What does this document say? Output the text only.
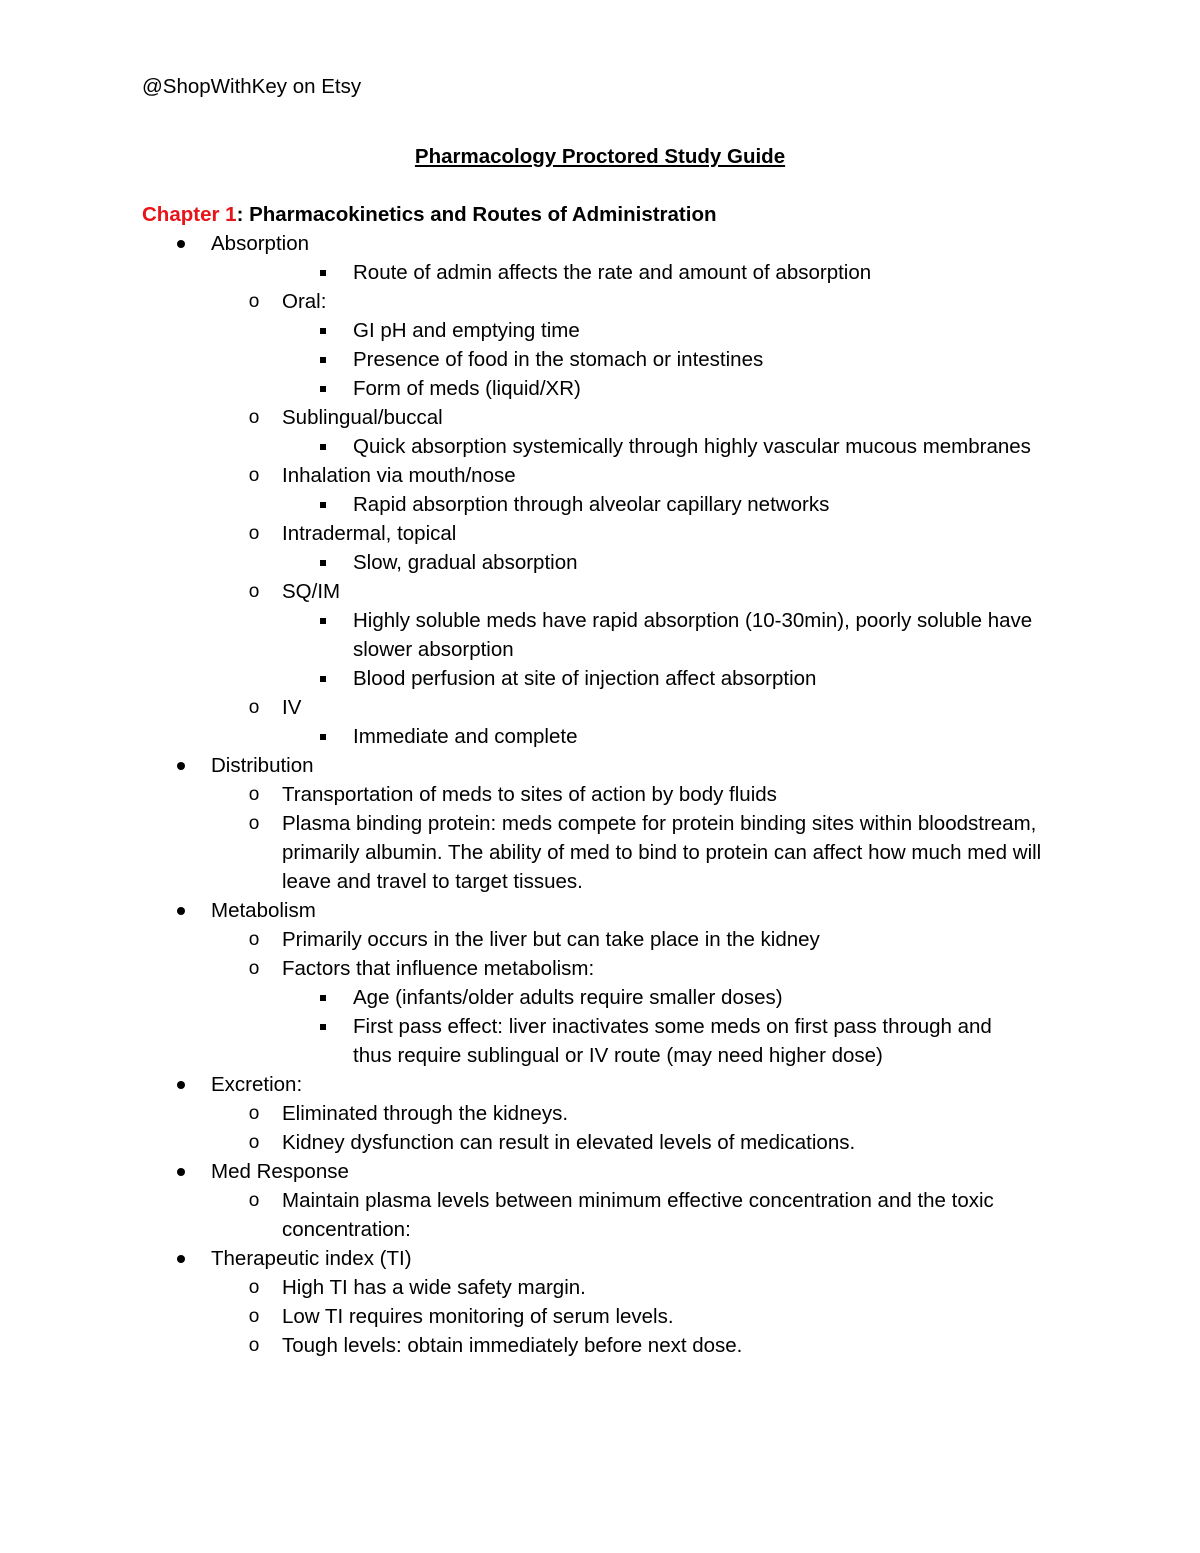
@ShopWithKey on Etsy
Pharmacology Proctored Study Guide
Chapter 1: Pharmacokinetics and Routes of Administration
Absorption
Route of admin affects the rate and amount of absorption
o Oral:
GI pH and emptying time
Presence of food in the stomach or intestines
Form of meds (liquid/XR)
o Sublingual/buccal
Quick absorption systemically through highly vascular mucous membranes
o Inhalation via mouth/nose
Rapid absorption through alveolar capillary networks
o Intradermal, topical
Slow, gradual absorption
o SQ/IM
Highly soluble meds have rapid absorption (10-30min), poorly soluble have slower absorption
Blood perfusion at site of injection affect absorption
o IV
Immediate and complete
Distribution
o Transportation of meds to sites of action by body fluids
o Plasma binding protein: meds compete for protein binding sites within bloodstream, primarily albumin. The ability of med to bind to protein can affect how much med will leave and travel to target tissues.
Metabolism
o Primarily occurs in the liver but can take place in the kidney
o Factors that influence metabolism:
Age (infants/older adults require smaller doses)
First pass effect: liver inactivates some meds on first pass through and thus require sublingual or IV route (may need higher dose)
Excretion:
o Eliminated through the kidneys.
o Kidney dysfunction can result in elevated levels of medications.
Med Response
o Maintain plasma levels between minimum effective concentration and the toxic concentration:
Therapeutic index (TI)
o High TI has a wide safety margin.
o Low TI requires monitoring of serum levels.
o Tough levels: obtain immediately before next dose.
